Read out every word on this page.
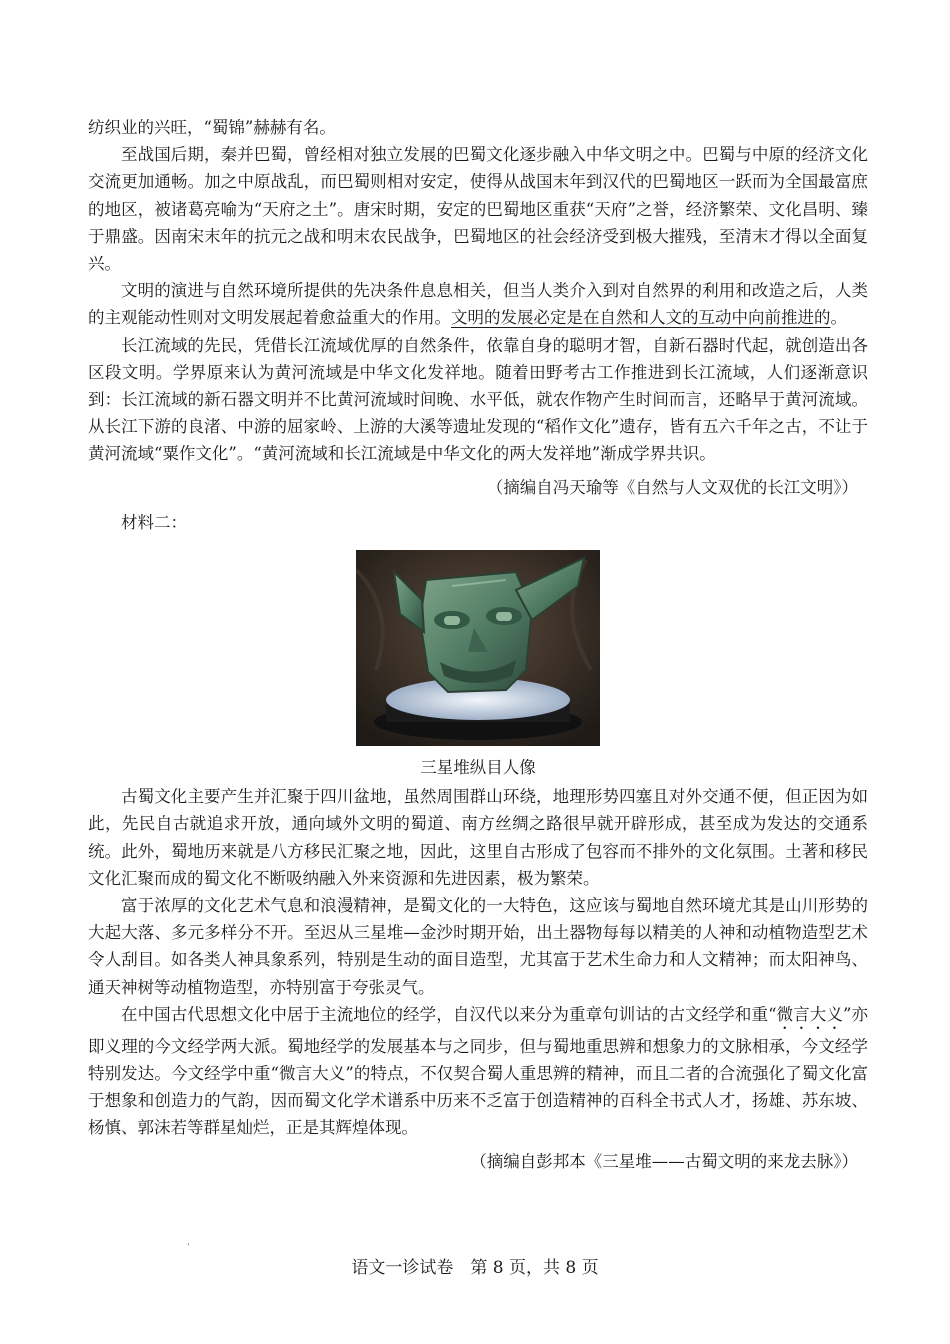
纺织业的兴旺，“蜀锦”赫赫有名。

至战国后期，秦并巴蜀，曾经相对独立发展的巴蜀文化逐步融入中华文明之中。巴蜀与中原的经济文化交流更加通畅。加之中原战乱，而巴蜀则相对安定，使得从战国末年到汉代的巴蜀地区一跃而为全国最富庶的地区，被诸葛亮喻为“天府之土”。唐宋时期，安定的巴蜀地区重获“天府”之誉，经济繁荣、文化昌明、臻于鼎盛。因南宋末年的抗元之战和明末农民战争，巴蜀地区的社会经济受到极大摧残，至清末才得以全面复兴。

文明的演进与自然环境所提供的先决条件息息相关，但当人类介入到对自然界的利用和改造之后，人类的主观能动性则对文明发展起着愈益重大的作用。文明的发展必定是在自然和人文的互动中向前推进的。

长江流域的先民，凭借长江流域优厚的自然条件，依靠自身的聪明才智，自新石器时代起，就创造出各区段文明。学界原来认为黄河流域是中华文化发祥地。随着田野考古工作推进到长江流域，人们逐渐意识到：长江流域的新石器文明并不比黄河流域时间晚、水平低，就农作物产生时间而言，还略早于黄河流域。从长江下游的良渚、中游的屈家岭、上游的大溪等遗址发现的“稻作文化”遗存，皆有五六千年之古，不让于黄河流域“粟作文化”。“黄河流域和长江流域是中华文化的两大发祥地”渐成学界共识。

（摘编自冯天瑜等《自然与人文双优的长江文明》）

材料二：

三星堆纵目人像

古蜀文化主要产生并汇聚于四川盆地，虽然周围群山环绕，地理形势四塞且对外交通不便，但正因为如此，先民自古就追求开放，通向域外文明的蜀道、南方丝绸之路很早就开辟形成，甚至成为发达的交通系统。此外，蜀地历来就是八方移民汇聚之地，因此，这里自古形成了包容而不排外的文化氛围。土著和移民文化汇聚而成的蜀文化不断吸纳融入外来资源和先进因素，极为繁荣。

富于浓厚的文化艺术气息和浪漫精神，是蜀文化的一大特色，这应该与蜀地自然环境尤其是山川形势的大起大落、多元多样分不开。至迟从三星堆—金沙时期开始，出土器物每每以精美的人神和动植物造型艺术令人刮目。如各类人神具象系列，特别是生动的面目造型，尤其富于艺术生命力和人文精神；而太阳神鸟、通天神树等动植物造型，亦特别富于夸张灵气。

在中国古代思想文化中居于主流地位的经学，自汉代以来分为重章句训诂的古文经学和重“微言大义”亦即义理的今文经学两大派。蜀地经学的发展基本与之同步，但与蜀地重思辨和想象力的文脉相承，今文经学特别发达。今文经学中重“微言大义”的特点，不仅契合蜀人重思辨的精神，而且二者的合流强化了蜀文化富于想象和创造力的气韵，因而蜀文化学术谱系中历来不乏富于创造精神的百科全书式人才，扬雄、苏东坡、杨慎、郭沫若等群星灿烂，正是其辉煌体现。

（摘编自彭邦本《三星堆——古蜀文明的来龙去脉》）

,
语文一诊试卷　第 8 页，共 8 页
